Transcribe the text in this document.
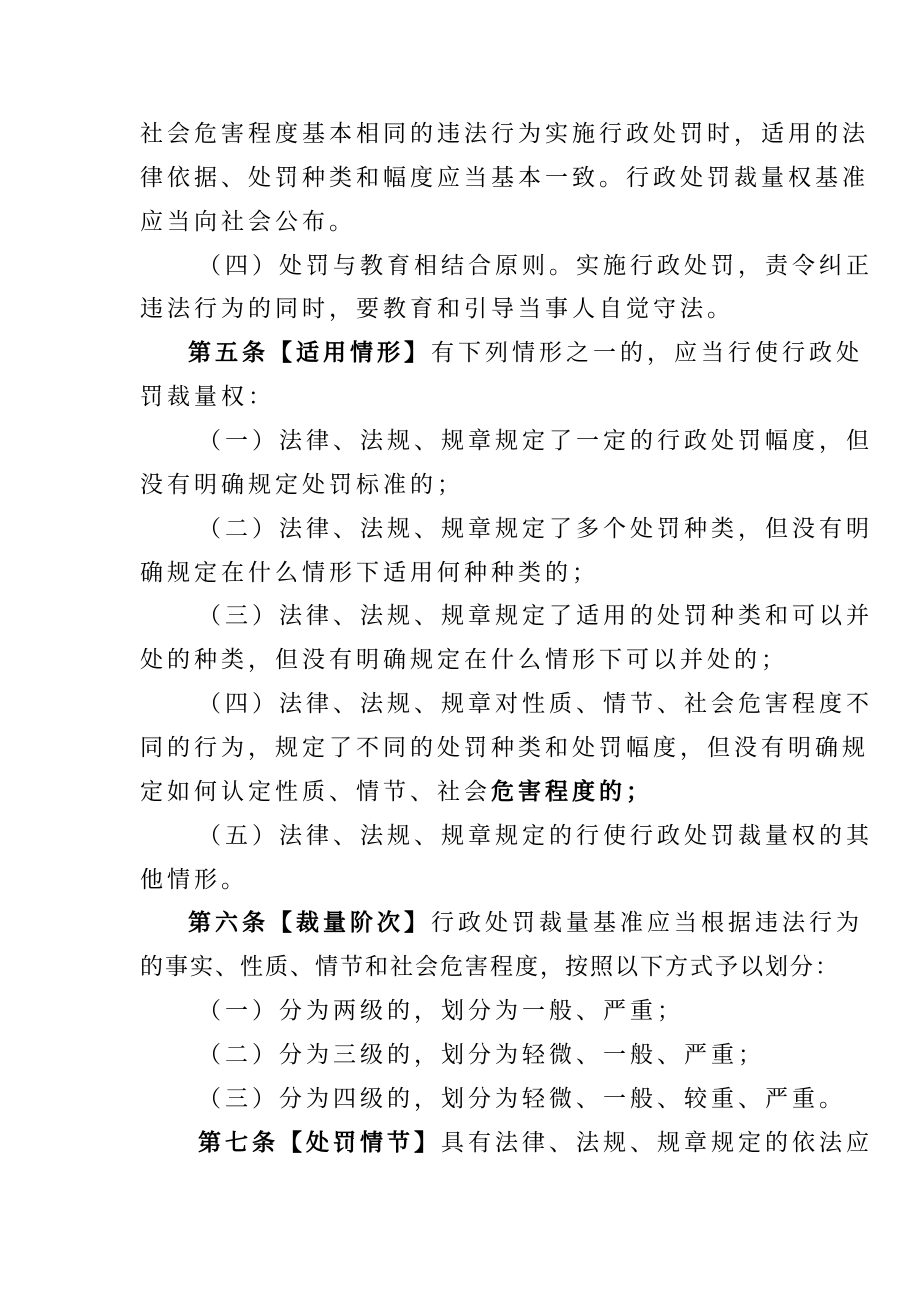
社会危害程度基本相同的违法行为实施行政处罚时，适用的法
律依据、处罚种类和幅度应当基本一致。行政处罚裁量权基准
应当向社会公布。
（四）处罚与教育相结合原则。实施行政处罚，责令纠正
违法行为的同时，要教育和引导当事人自觉守法。
第五条【适用情形】有下列情形之一的，应当行使行政处
罚裁量权：
（一）法律、法规、规章规定了一定的行政处罚幅度，但
没有明确规定处罚标准的；
（二）法律、法规、规章规定了多个处罚种类，但没有明
确规定在什么情形下适用何种种类的；
（三）法律、法规、规章规定了适用的处罚种类和可以并
处的种类，但没有明确规定在什么情形下可以并处的；
（四）法律、法规、规章对性质、情节、社会危害程度不
同的行为，规定了不同的处罚种类和处罚幅度，但没有明确规
定如何认定性质、情节、社会危害程度的；
（五）法律、法规、规章规定的行使行政处罚裁量权的其
他情形。
第六条【裁量阶次】行政处罚裁量基准应当根据违法行为
的事实、性质、情节和社会危害程度，按照以下方式予以划分：
（一）分为两级的，划分为一般、严重；
（二）分为三级的，划分为轻微、一般、严重；
（三）分为四级的，划分为轻微、一般、较重、严重。
第七条【处罚情节】具有法律、法规、规章规定的依法应
